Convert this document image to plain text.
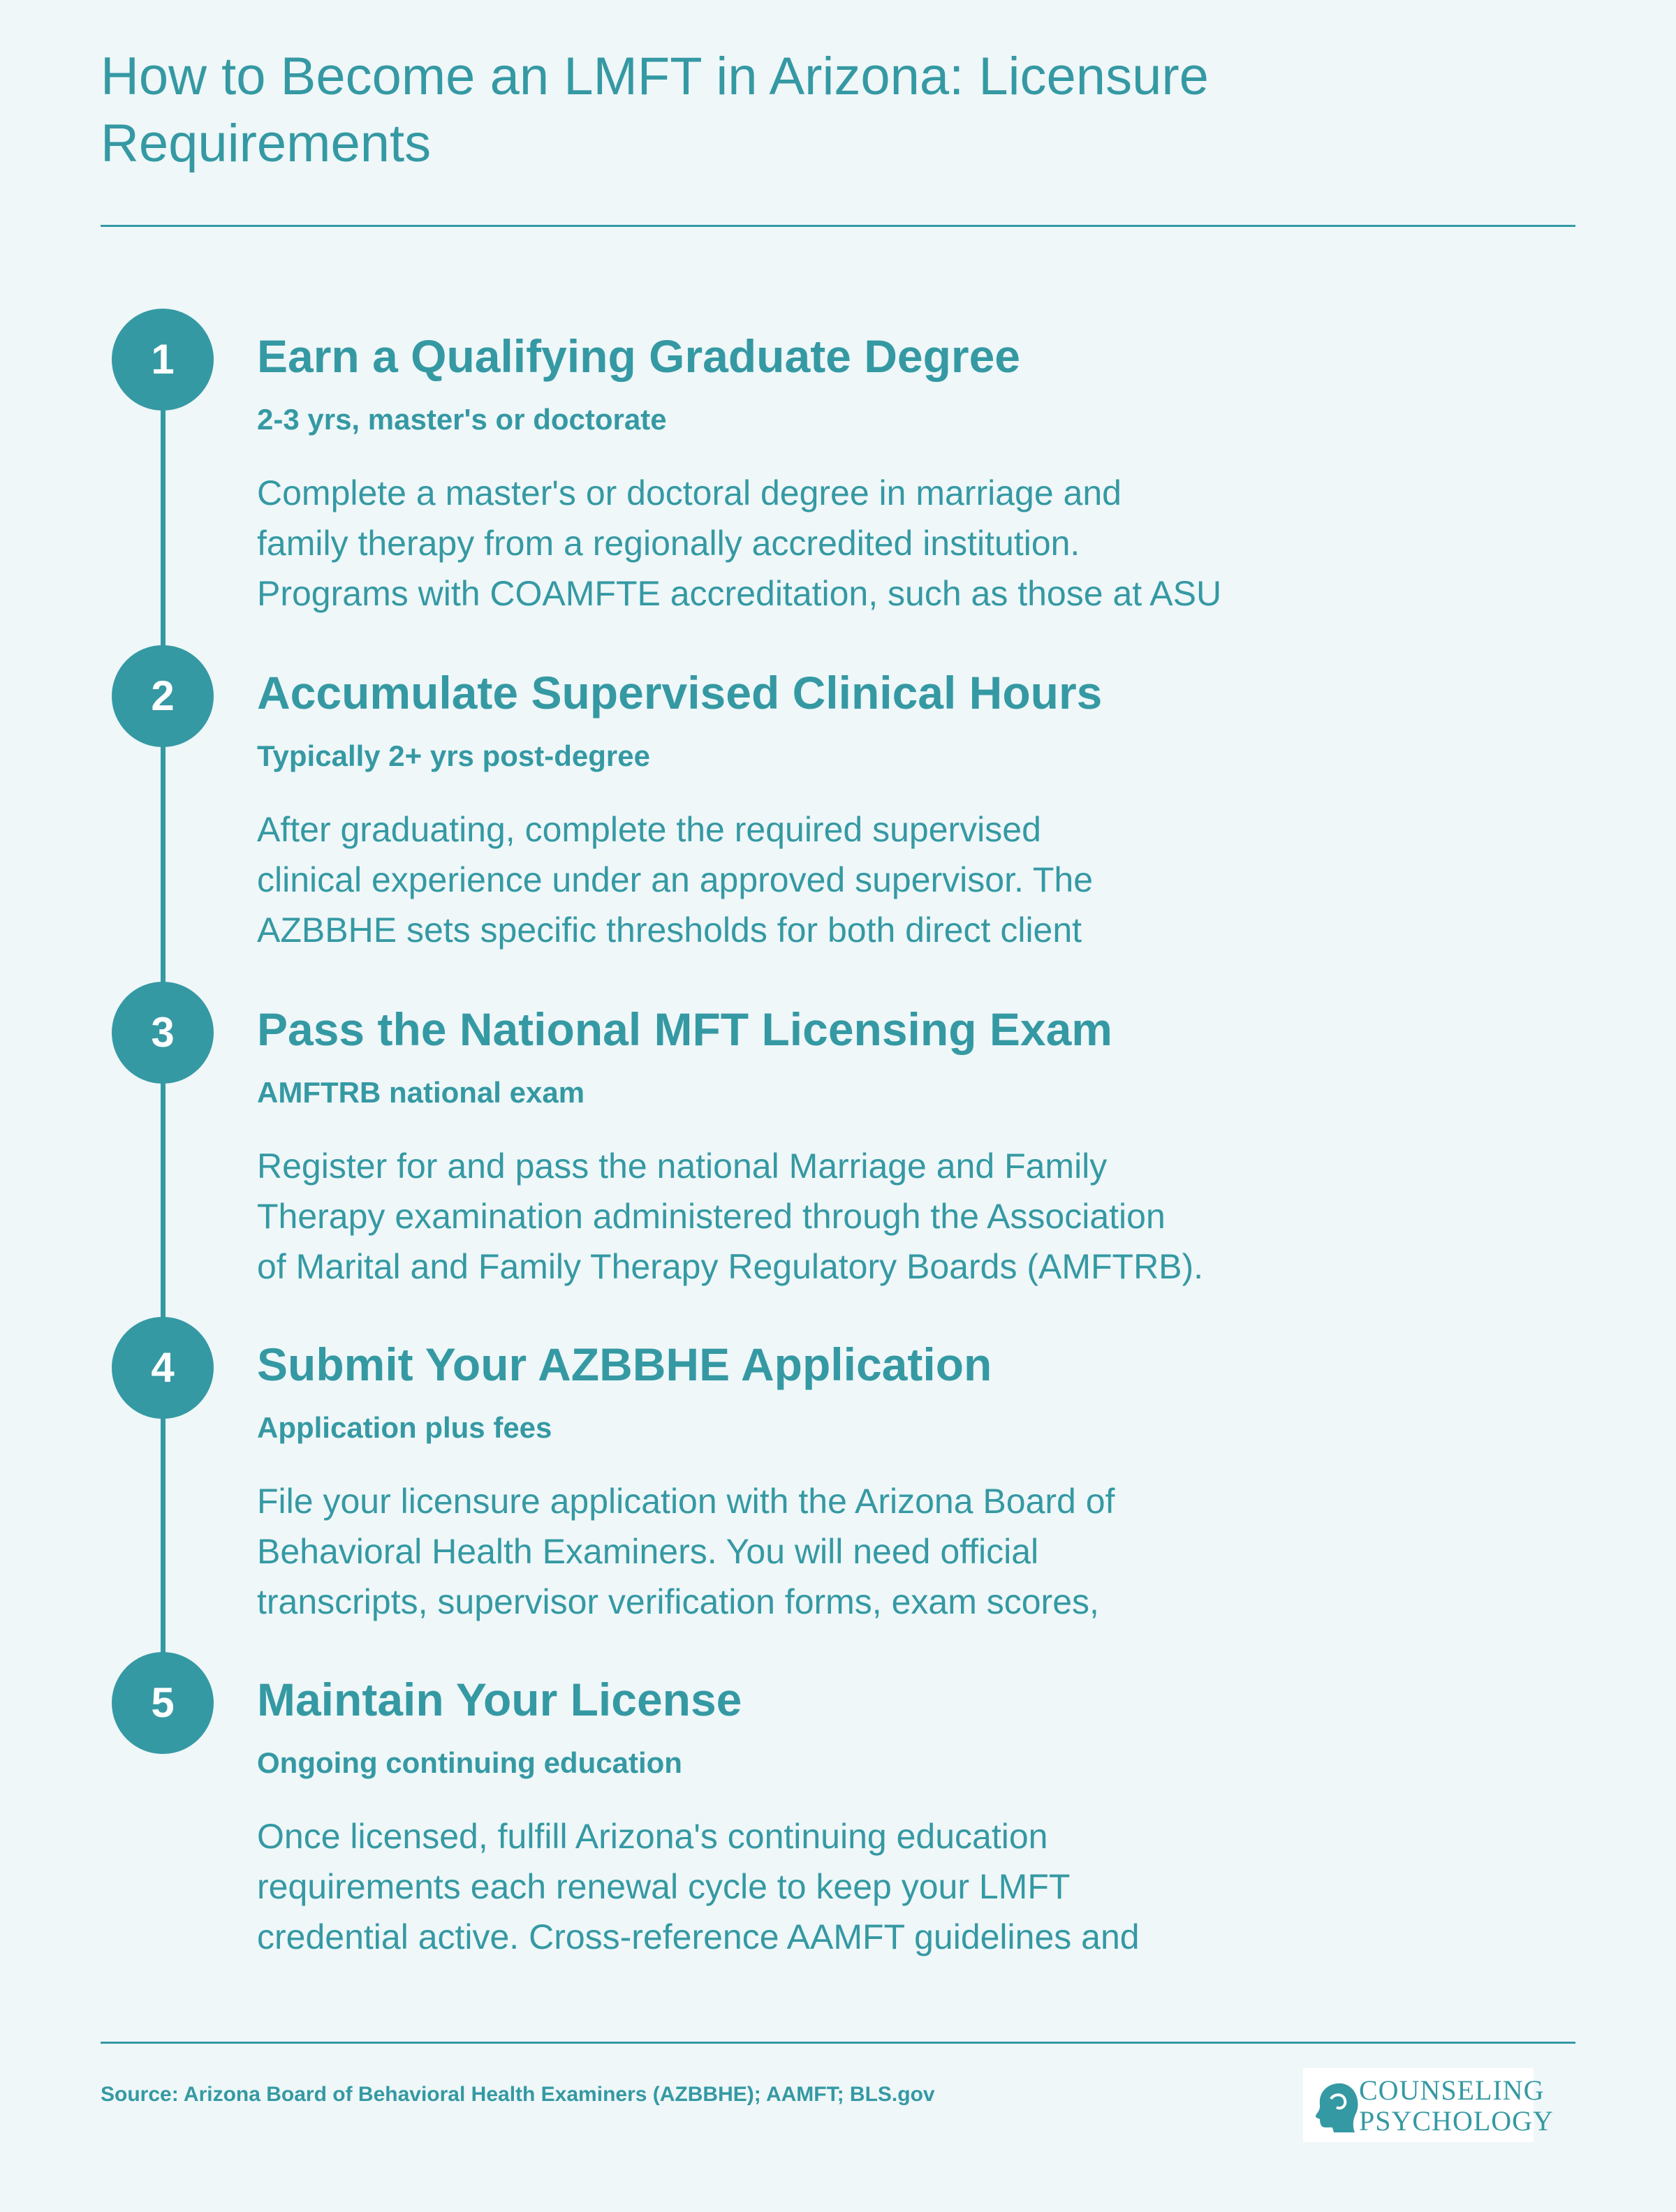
How to Become an LMFT in Arizona: Licensure Requirements
1	Earn a Qualifying Graduate Degree
2-3 yrs, master's or doctorate
Complete a master's or doctoral degree in marriage and
family therapy from a regionally accredited institution.
Programs with COAMFTE accreditation, such as those at ASU
2	Accumulate Supervised Clinical Hours
Typically 2+ yrs post-degree
After graduating, complete the required supervised
clinical experience under an approved supervisor. The
AZBBHE sets specific thresholds for both direct client
3	Pass the National MFT Licensing Exam
AMFTRB national exam
Register for and pass the national Marriage and Family
Therapy examination administered through the Association
of Marital and Family Therapy Regulatory Boards (AMFTRB).
4	Submit Your AZBBHE Application
Application plus fees
File your licensure application with the Arizona Board of
Behavioral Health Examiners. You will need official
transcripts, supervisor verification forms, exam scores,
5	Maintain Your License
Ongoing continuing education
Once licensed, fulfill Arizona's continuing education
requirements each renewal cycle to keep your LMFT
credential active. Cross-reference AAMFT guidelines and
Source: Arizona Board of Behavioral Health Examiners (AZBBHE); AAMFT; BLS.gov	COUNSELING
PSYCHOLOGY
